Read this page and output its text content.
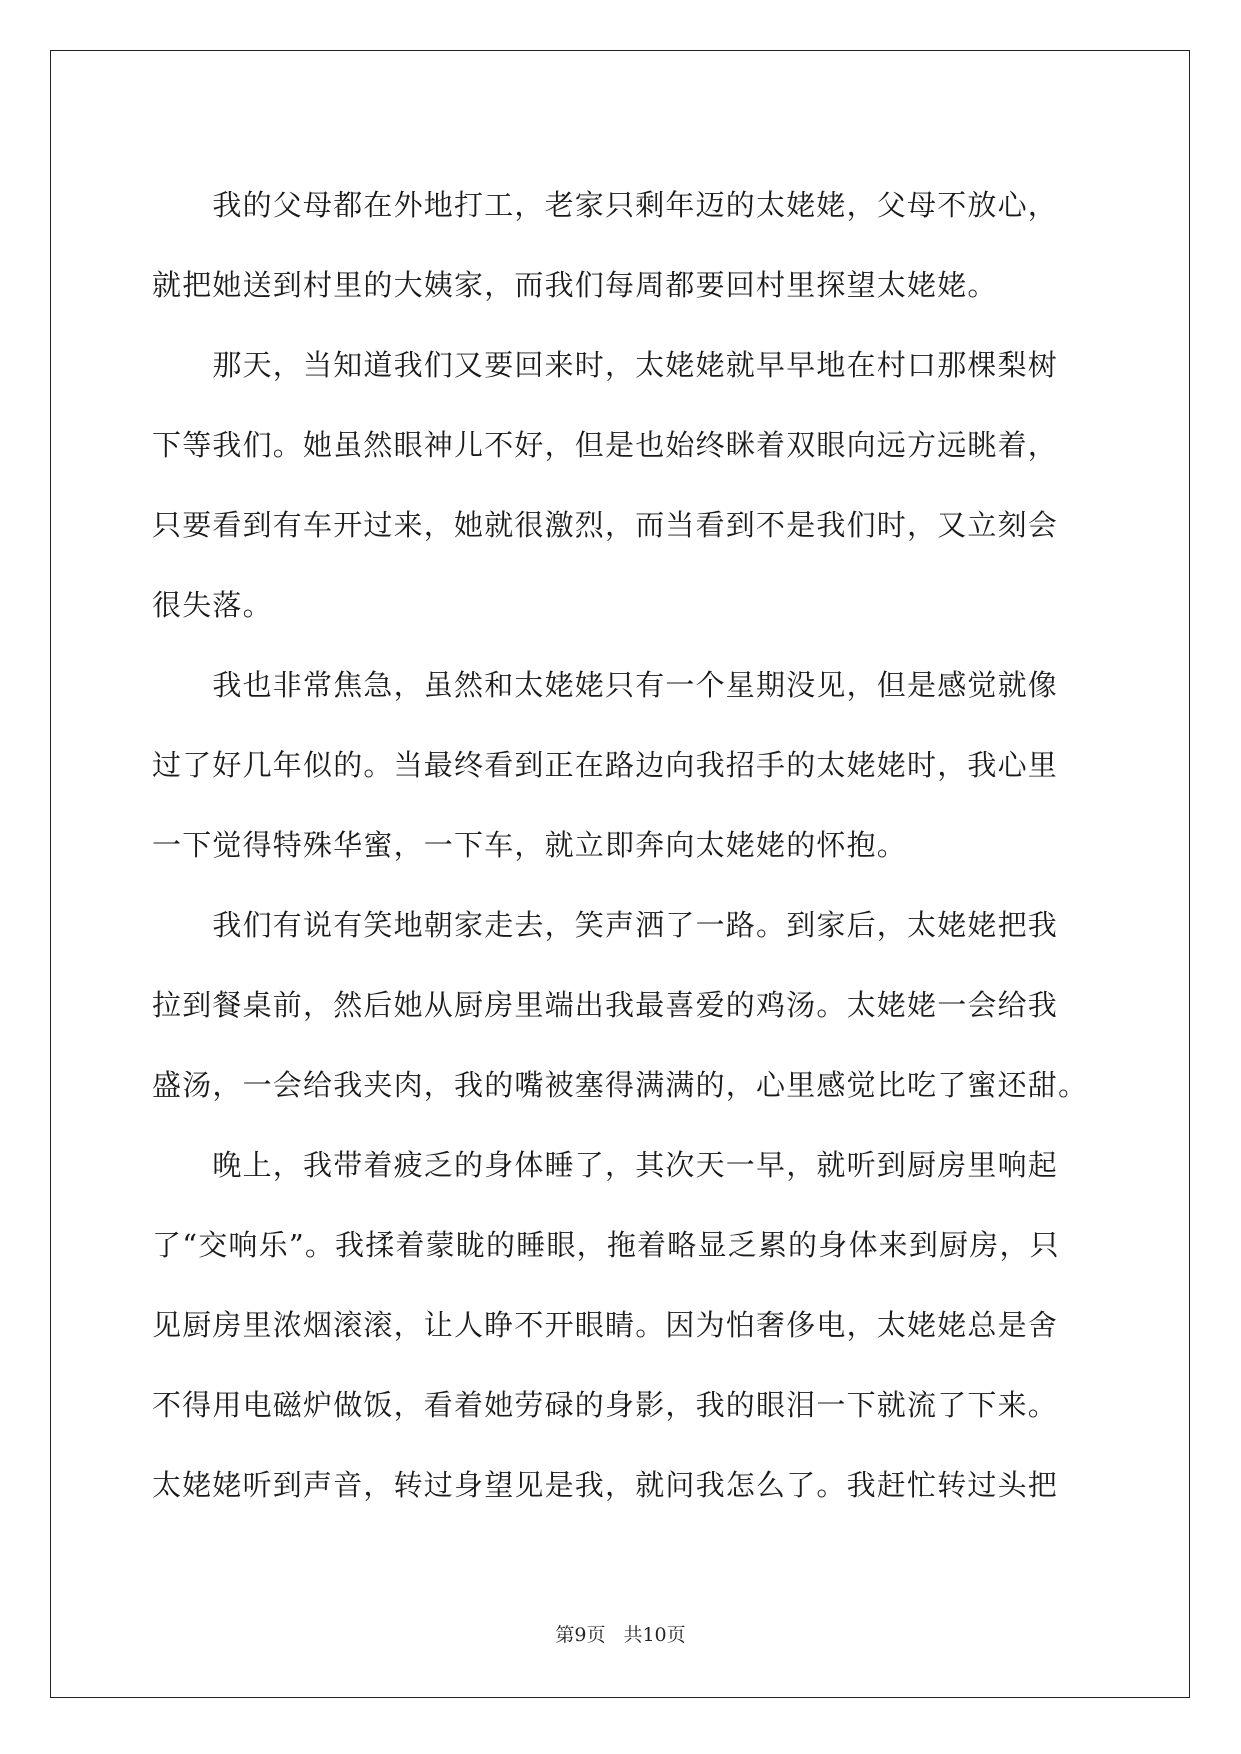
　　我的父母都在外地打工，老家只剩年迈的太姥姥，父母不放心，
就把她送到村里的大姨家，而我们每周都要回村里探望太姥姥。
　　那天，当知道我们又要回来时，太姥姥就早早地在村口那棵梨树
下等我们。她虽然眼神儿不好，但是也始终眯着双眼向远方远眺着，
只要看到有车开过来，她就很激烈，而当看到不是我们时，又立刻会
很失落。
　　我也非常焦急，虽然和太姥姥只有一个星期没见，但是感觉就像
过了好几年似的。当最终看到正在路边向我招手的太姥姥时，我心里
一下觉得特殊华蜜，一下车，就立即奔向太姥姥的怀抱。
　　我们有说有笑地朝家走去，笑声洒了一路。到家后，太姥姥把我
拉到餐桌前，然后她从厨房里端出我最喜爱的鸡汤。太姥姥一会给我
盛汤，一会给我夹肉，我的嘴被塞得满满的，心里感觉比吃了蜜还甜。
　　晚上，我带着疲乏的身体睡了，其次天一早，就听到厨房里响起
了“交响乐”。我揉着蒙眬的睡眼，拖着略显乏累的身体来到厨房，只
见厨房里浓烟滚滚，让人睁不开眼睛。因为怕奢侈电，太姥姥总是舍
不得用电磁炉做饭，看着她劳碌的身影，我的眼泪一下就流了下来。
太姥姥听到声音，转过身望见是我，就问我怎么了。我赶忙转过头把
第9页 共10页
